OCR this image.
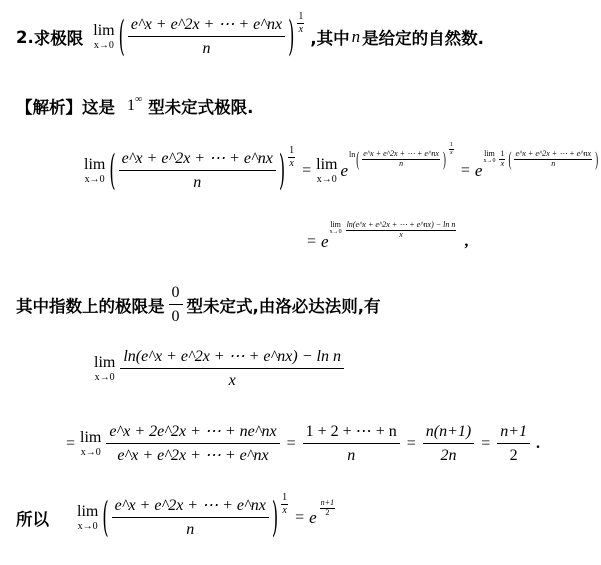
2. 求极限 lim
x→0 ( $\frac{e\^{}x + e\^{}2x + \cdots + e\^{}nx}{n}$ ) $\frac{1}{x}$
,其中 n 是给定的自然数.
【解析】这是 1 ∞ 型未定式极限.
lim
x→0 ( $\frac{e\^{}x + e\^{}2x + \cdots + e\^{}nx}{n}$ ) $\frac{1}{x}$
= lim
x→0 e
ln ( $\frac{e\^{}x + e\^{}2x + \cdots + e\^{}nx}{n}$ ) $\frac{1}{x}$
= e
lim
$x\to 0 \frac{1}{x}$ ( $\frac{e\^{}x + e\^{}2x + \cdots + e\^{}nx}{n}$ )
= e
lim
$x\to 0 \frac{\text{ln(e\textasciicircum{}x + e\textasciicircum{}2x + ⋯ + e\textasciicircum{}nx) − ln n}}{x}$
,
其中指数上的极限是 $\frac{0}{0}$ 型未定式,由洛必达法则,有
lim
$x\to 0 \frac{\text{ln(e\textasciicircum{}x + e\textasciicircum{}2x + ⋯ + e\textasciicircum{}nx) − ln n}}{x}$
= lim
$x\to 0 \frac{e\^{}x + 2e\^{}2x + \cdots + ne\^{}nx}{e\^{}x + e\^{}2x + \cdots + e\^{}nx} = \frac{1 + 2 + \cdots + n}{n} = \frac{n(n+1)}{2n} = \frac{n+1}{2}$ .
所以 lim
x→0 ( $\frac{e\^{}x + e\^{}2x + \cdots + e\^{}nx}{n}$ ) $\frac{1}{x}$
= e $\frac{n+1}{2}$
